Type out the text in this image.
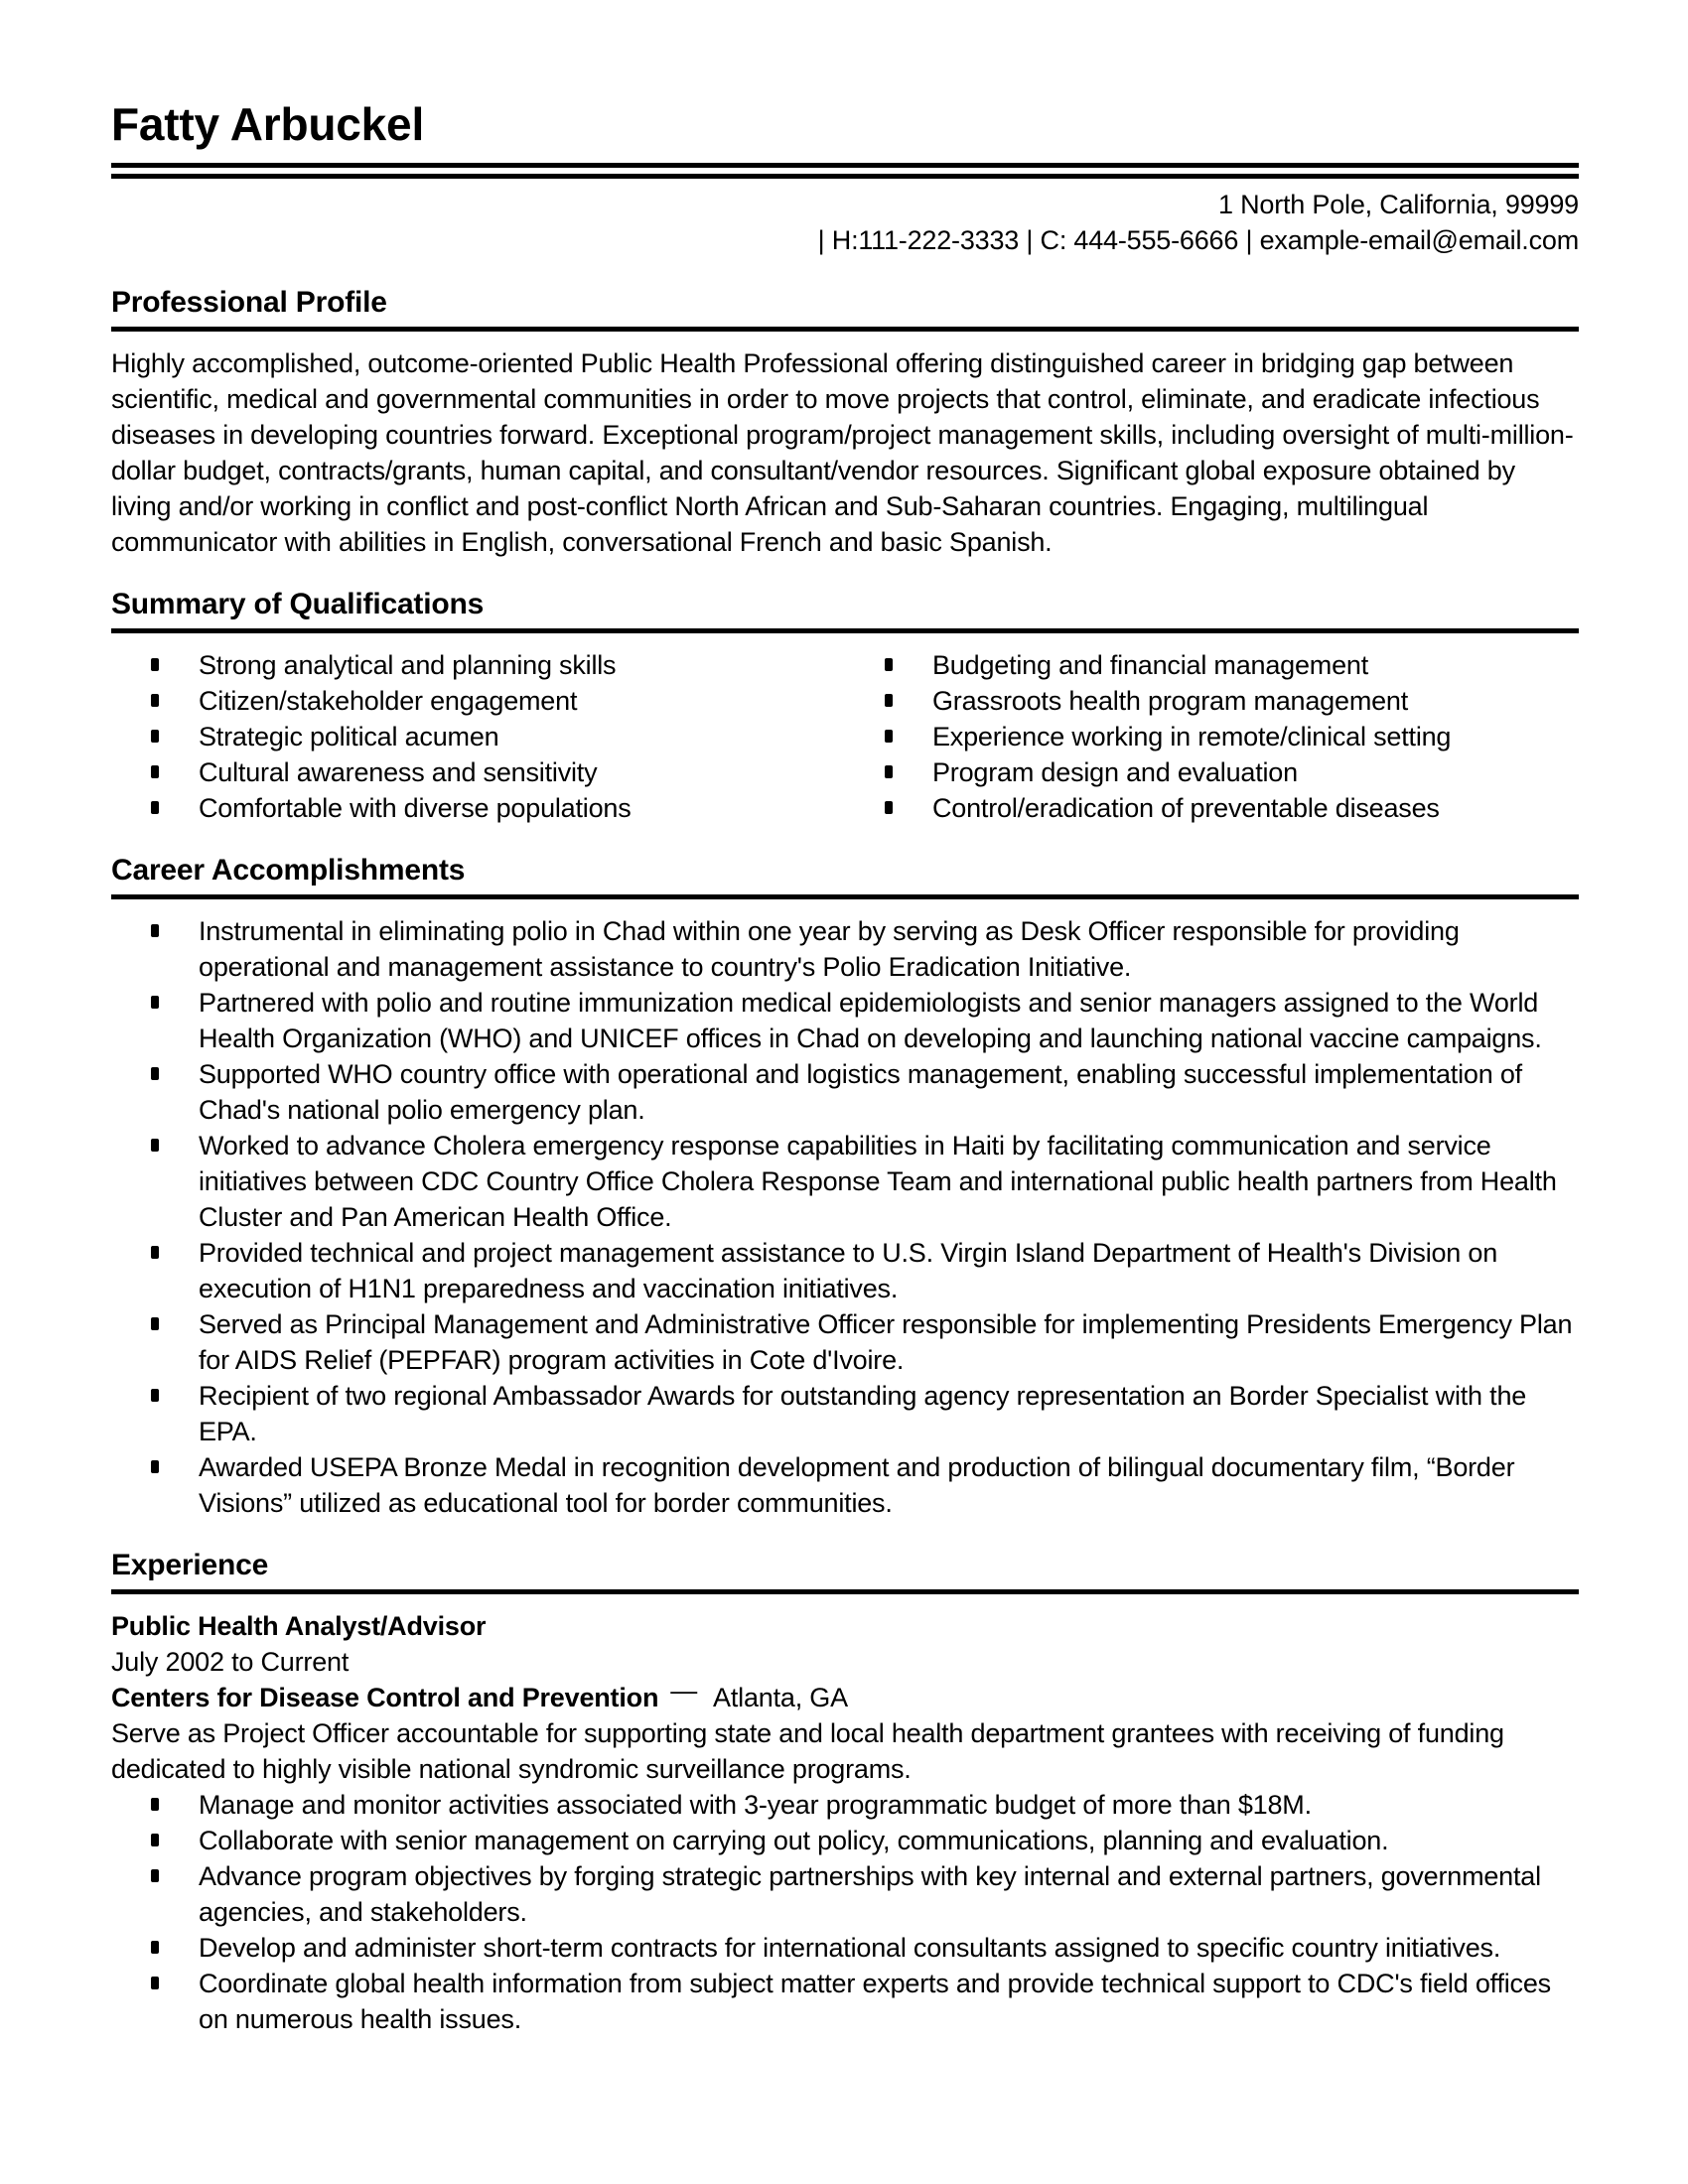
Fatty Arbuckel
1 North Pole, California, 99999
| H:111-222-3333 | C: 444-555-6666 | example-email@email.com
Professional Profile

Highly accomplished, outcome-oriented Public Health Professional offering distinguished career in bridging gap between scientific, medical and governmental communities in order to move projects that control, eliminate, and eradicate infectious diseases in developing countries forward. Exceptional program/project management skills, including oversight of multi-million-dollar budget, contracts/grants, human capital, and consultant/vendor resources. Significant global exposure obtained by living and/or working in conflict and post-conflict North African and Sub-Saharan countries. Engaging, multilingual communicator with abilities in English, conversational French and basic Spanish.

Summary of Qualifications
Strong analytical and planning skills
Citizen/stakeholder engagement
Strategic political acumen
Cultural awareness and sensitivity
Comfortable with diverse populations
Budgeting and financial management
Grassroots health program management
Experience working in remote/clinical setting
Program design and evaluation
Control/eradication of preventable diseases
Career Accomplishments
Instrumental in eliminating polio in Chad within one year by serving as Desk Officer responsible for providing operational and management assistance to country's Polio Eradication Initiative.
Partnered with polio and routine immunization medical epidemiologists and senior managers assigned to the World Health Organization (WHO) and UNICEF offices in Chad on developing and launching national vaccine campaigns.
Supported WHO country office with operational and logistics management, enabling successful implementation of Chad's national polio emergency plan.
Worked to advance Cholera emergency response capabilities in Haiti by facilitating communication and service initiatives between CDC Country Office Cholera Response Team and international public health partners from Health Cluster and Pan American Health Office.
Provided technical and project management assistance to U.S. Virgin Island Department of Health's Division on execution of H1N1 preparedness and vaccination initiatives.
Served as Principal Management and Administrative Officer responsible for implementing Presidents Emergency Plan for AIDS Relief (PEPFAR) program activities in Cote d'Ivoire.
Recipient of two regional Ambassador Awards for outstanding agency representation an Border Specialist with the EPA.
Awarded USEPA Bronze Medal in recognition development and production of bilingual documentary film, “Border Visions” utilized as educational tool for border communities.
Experience
Public Health Analyst/Advisor
July 2002 to Current
Centers for Disease Control and Prevention — Atlanta, GA

Serve as Project Officer accountable for supporting state and local health department grantees with receiving of funding dedicated to highly visible national syndromic surveillance programs.

Manage and monitor activities associated with 3-year programmatic budget of more than $18M.
Collaborate with senior management on carrying out policy, communications, planning and evaluation.
Advance program objectives by forging strategic partnerships with key internal and external partners, governmental agencies, and stakeholders.
Develop and administer short-term contracts for international consultants assigned to specific country initiatives.
Coordinate global health information from subject matter experts and provide technical support to CDC's field offices on numerous health issues.
